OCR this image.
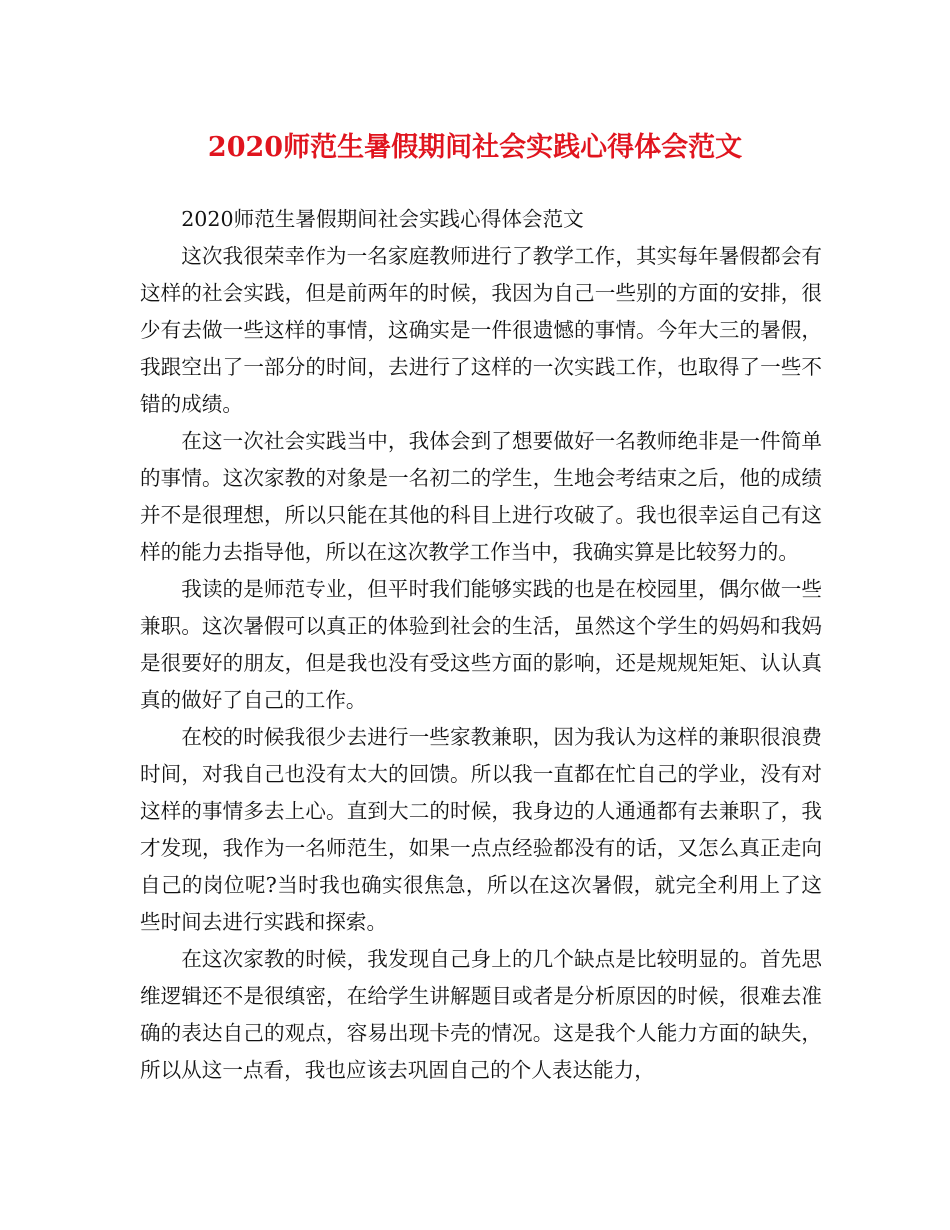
2020师范生暑假期间社会实践心得体会范文

2020师范生暑假期间社会实践心得体会范文

这次我很荣幸作为一名家庭教师进行了教学工作，其实每年暑假都会有这样的社会实践，但是前两年的时候，我因为自己一些别的方面的安排，很少有去做一些这样的事情，这确实是一件很遗憾的事情。今年大三的暑假，我跟空出了一部分的时间，去进行了这样的一次实践工作，也取得了一些不错的成绩。

在这一次社会实践当中，我体会到了想要做好一名教师绝非是一件简单的事情。这次家教的对象是一名初二的学生，生地会考结束之后，他的成绩并不是很理想，所以只能在其他的科目上进行攻破了。我也很幸运自己有这样的能力去指导他，所以在这次教学工作当中，我确实算是比较努力的。

我读的是师范专业，但平时我们能够实践的也是在校园里，偶尔做一些兼职。这次暑假可以真正的体验到社会的生活，虽然这个学生的妈妈和我妈是很要好的朋友，但是我也没有受这些方面的影响，还是规规矩矩、认认真真的做好了自己的工作。

在校的时候我很少去进行一些家教兼职，因为我认为这样的兼职很浪费时间，对我自己也没有太大的回馈。所以我一直都在忙自己的学业，没有对这样的事情多去上心。直到大二的时候，我身边的人通通都有去兼职了，我才发现，我作为一名师范生，如果一点点经验都没有的话，又怎么真正走向自己的岗位呢?当时我也确实很焦急，所以在这次暑假，就完全利用上了这些时间去进行实践和探索。

在这次家教的时候，我发现自己身上的几个缺点是比较明显的。首先思维逻辑还不是很缜密，在给学生讲解题目或者是分析原因的时候，很难去准确的表达自己的观点，容易出现卡壳的情况。这是我个人能力方面的缺失，所以从这一点看，我也应该去巩固自己的个人表达能力，
